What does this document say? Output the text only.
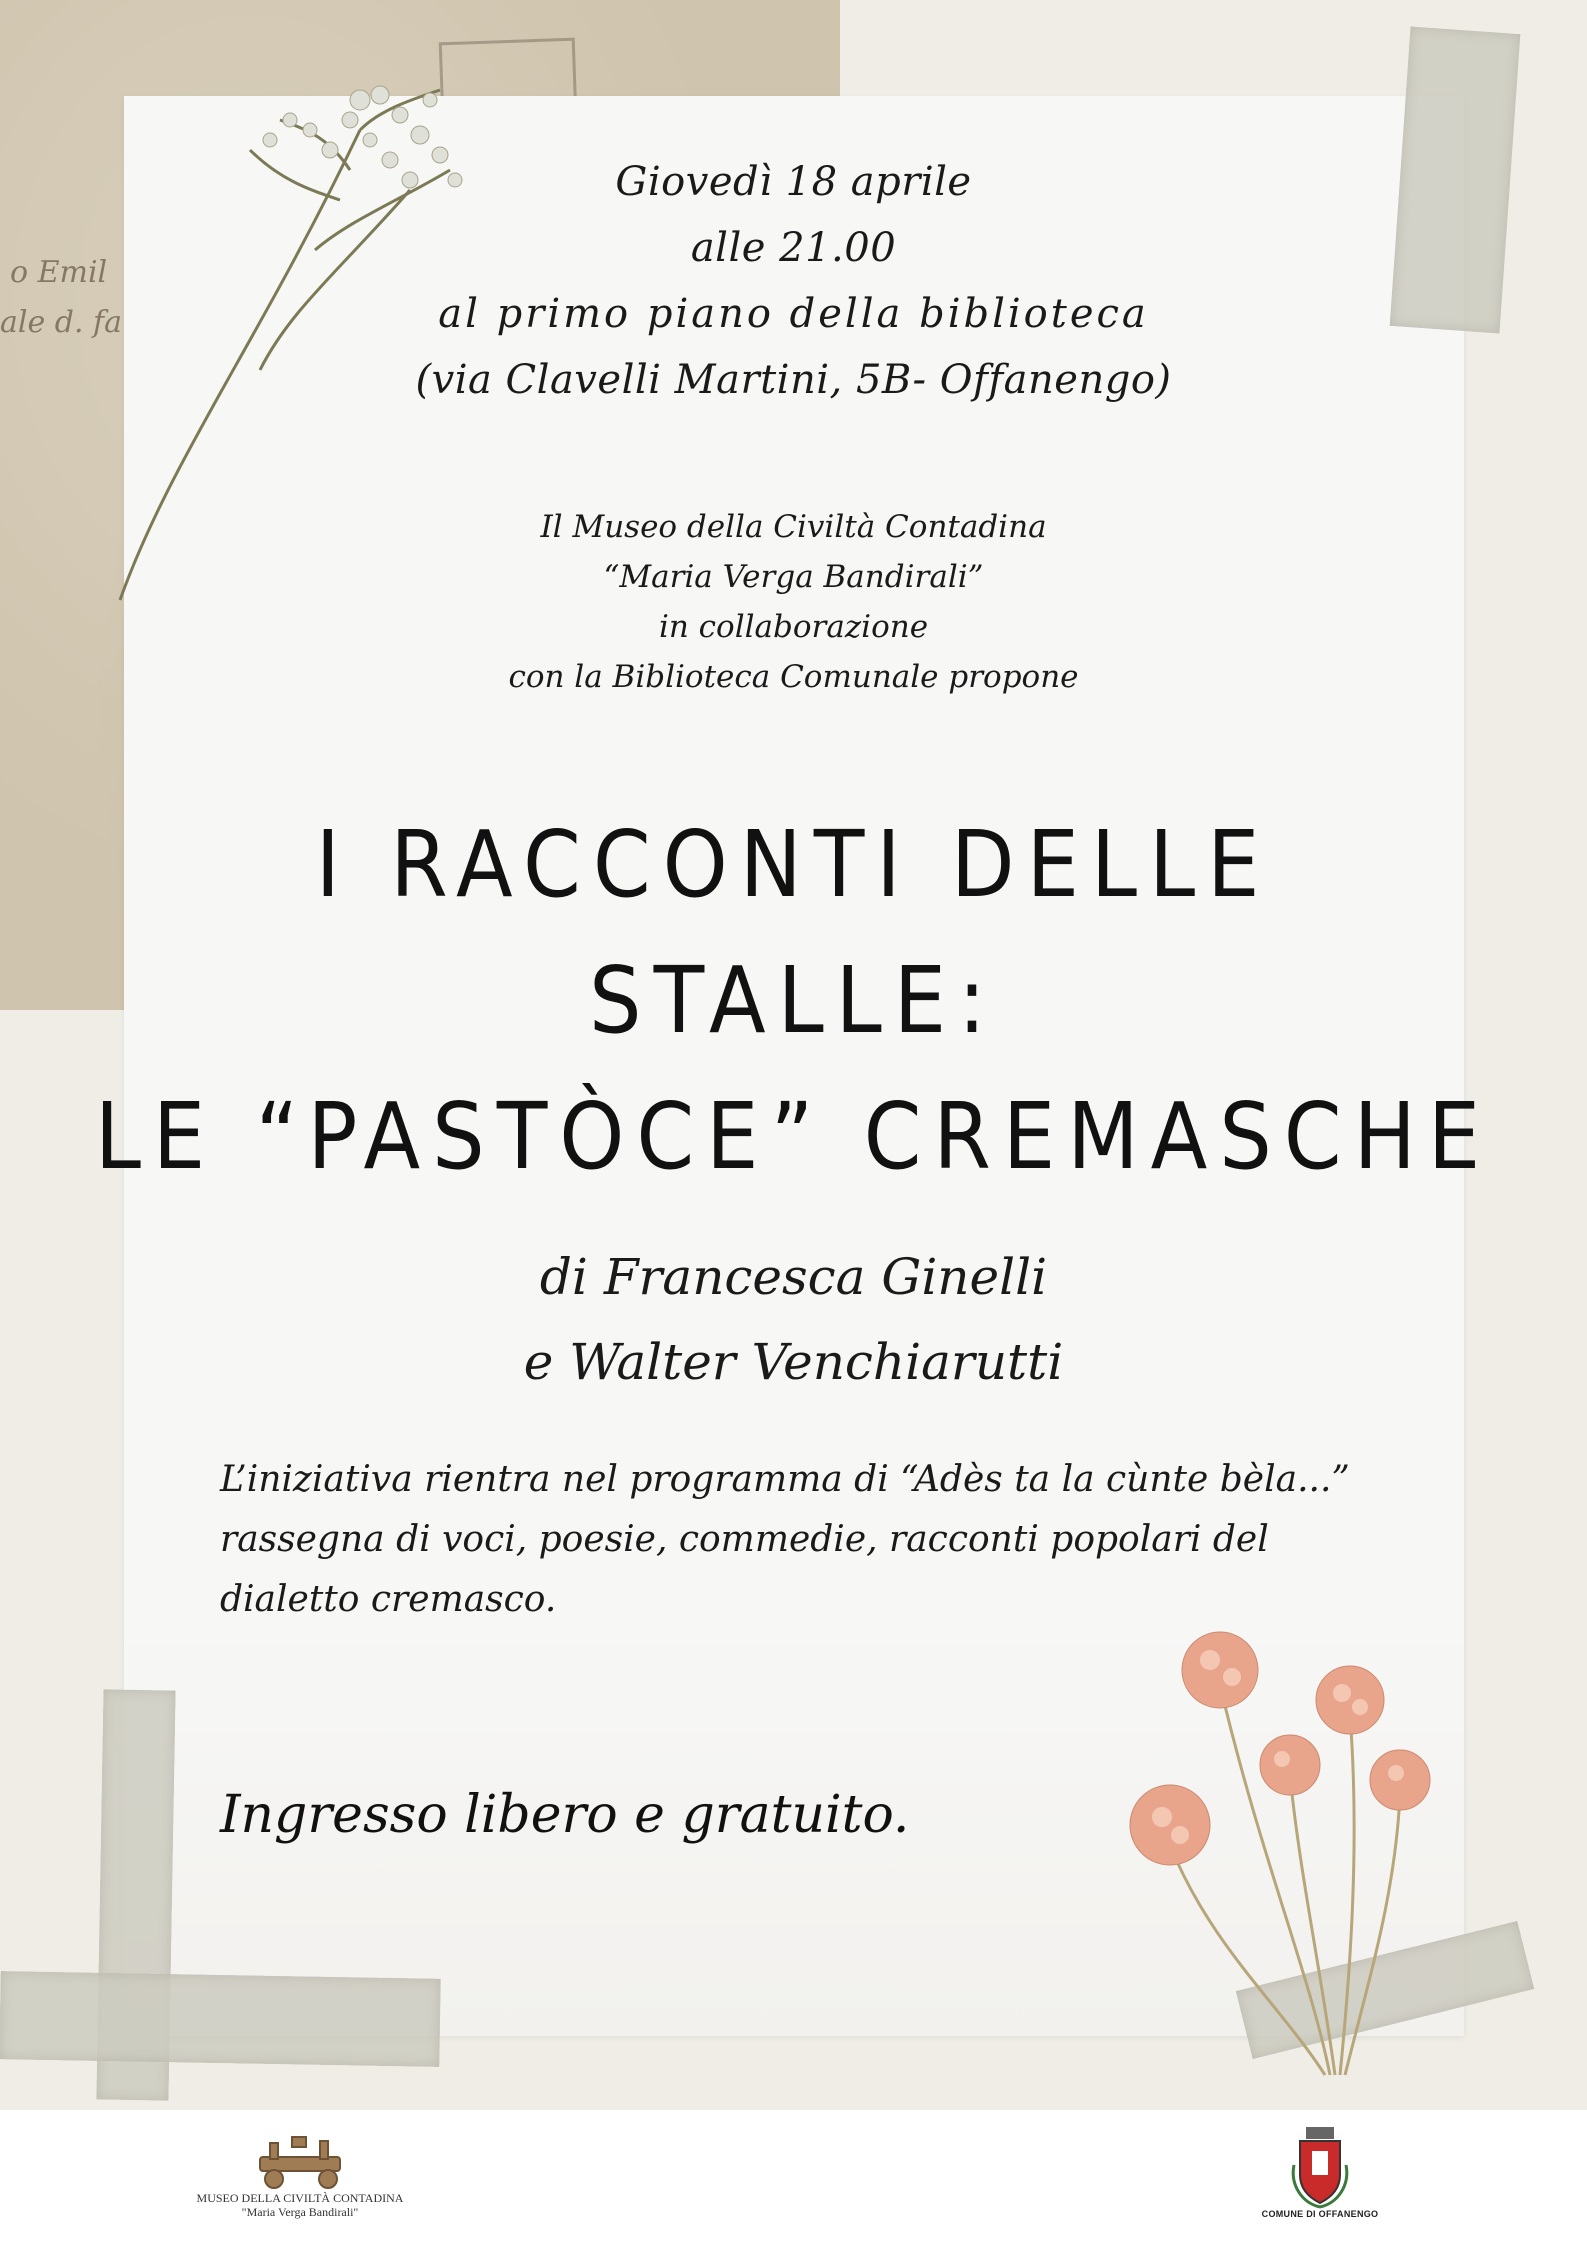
o Emil
ale d. fa
Giovedì 18 aprile
alle 21.00
al primo piano della biblioteca
(via Clavelli Martini, 5B- Offanengo)
Il Museo della Civiltà Contadina
“Maria Verga Bandirali”
in collaborazione
con la Biblioteca Comunale propone
I RACCONTI DELLE
STALLE:
LE “PASTÒCE” CREMASCHE
di Francesca Ginelli
e Walter Venchiarutti
L’iniziativa rientra nel programma di “Adès ta la cùnte bèla...”
rassegna di voci, poesie, commedie, racconti popolari del
dialetto cremasco.
Ingresso libero e gratuito.
MUSEO DELLA CIVILTÀ CONTADINA
"Maria Verga Bandirali"	COMUNE DI OFFANENGO
